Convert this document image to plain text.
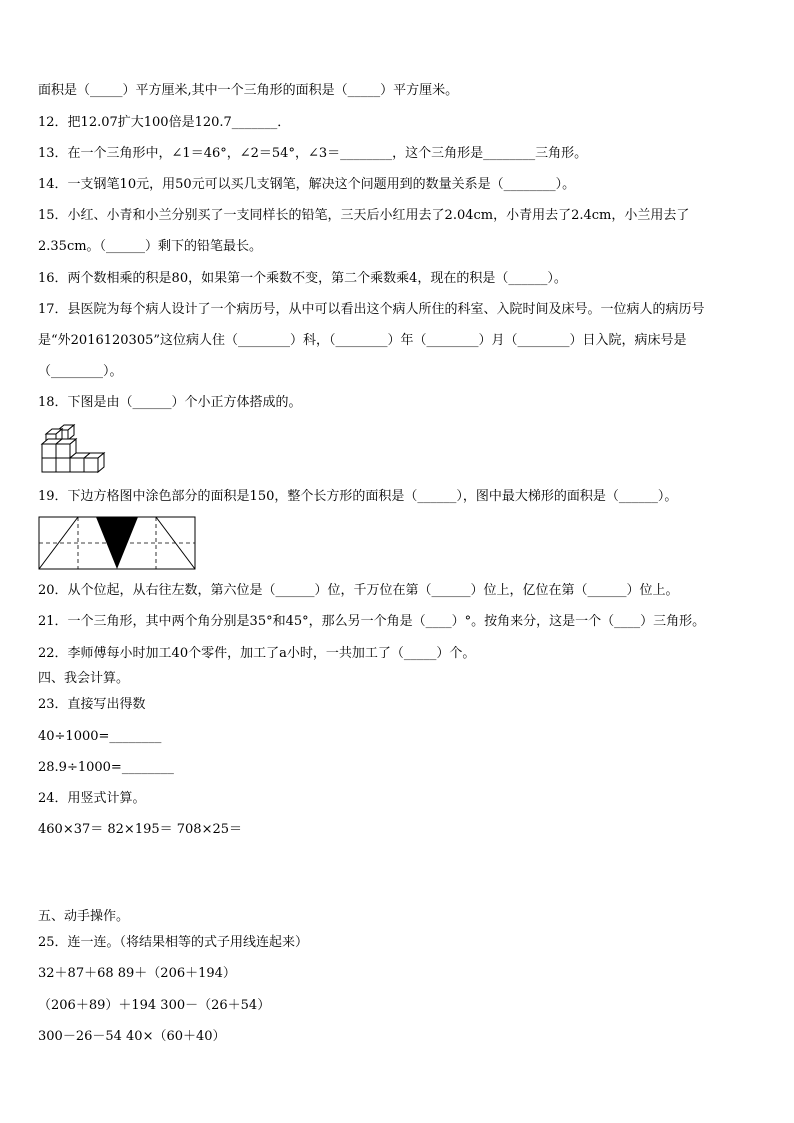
面积是（_____）平方厘米,其中一个三角形的面积是（_____）平方厘米。
12．把12.07扩大100倍是120.7_______．
13．在一个三角形中，∠1＝46°，∠2＝54°，∠3＝________，这个三角形是________三角形。
14．一支钢笔10元，用50元可以买几支钢笔，解决这个问题用到的数量关系是（________）。
15．小红、小青和小兰分别买了一支同样长的铅笔，三天后小红用去了2.04cm，小青用去了2.4cm，小兰用去了
2.35cm。（______）剩下的铅笔最长。
16．两个数相乘的积是80，如果第一个乘数不变，第二个乘数乘4，现在的积是（______）。
17．县医院为每个病人设计了一个病历号，从中可以看出这个病人所住的科室、入院时间及床号。一位病人的病历号
是“外2016120305”这位病人住（________）科，（________）年（________）月（________）日入院，病床号是
（________）。
18．下图是由（______）个小正方体搭成的。
19．下边方格图中涂色部分的面积是150，整个长方形的面积是（______），图中最大梯形的面积是（______）。
20．从个位起，从右往左数，第六位是（______）位，千万位在第（______）位上，亿位在第（______）位上。
21．一个三角形，其中两个角分别是35°和45°，那么另一个角是（____）°。按角来分，这是一个（____）三角形。
22．李师傅每小时加工40个零件，加工了a小时，一共加工了（_____）个。
四、我会计算。
23．直接写出得数
40÷1000=________
28.9÷1000=________
24．用竖式计算。
460×37＝ 82×195＝ 708×25＝
五、动手操作。
25．连一连。（将结果相等的式子用线连起来）
32＋87＋68 89＋（206＋194）
（206＋89）＋194 300－（26＋54）
300－26－54 40×（60＋40）
